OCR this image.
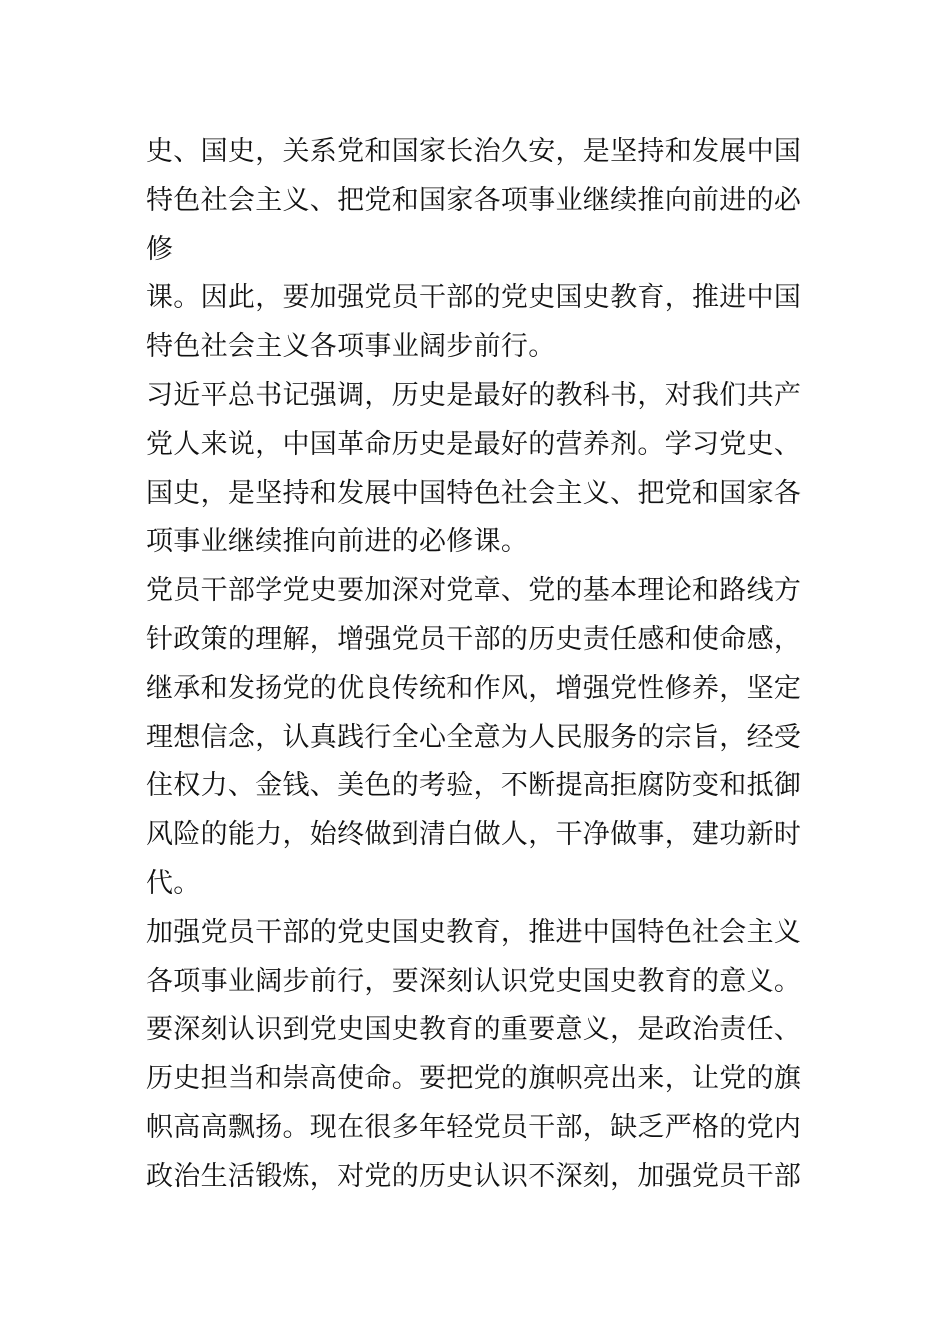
史、国史，关系党和国家长治久安，是坚持和发展中国
特色社会主义、把党和国家各项事业继续推向前进的必
修
课。因此，要加强党员干部的党史国史教育，推进中国
特色社会主义各项事业阔步前行。
习近平总书记强调，历史是最好的教科书，对我们共产
党人来说，中国革命历史是最好的营养剂。学习党史、
国史，是坚持和发展中国特色社会主义、把党和国家各
项事业继续推向前进的必修课。
党员干部学党史要加深对党章、党的基本理论和路线方
针政策的理解，增强党员干部的历史责任感和使命感，
继承和发扬党的优良传统和作风，增强党性修养，坚定
理想信念，认真践行全心全意为人民服务的宗旨，经受
住权力、金钱、美色的考验，不断提高拒腐防变和抵御
风险的能力，始终做到清白做人，干净做事，建功新时
代。
加强党员干部的党史国史教育，推进中国特色社会主义
各项事业阔步前行，要深刻认识党史国史教育的意义。
要深刻认识到党史国史教育的重要意义，是政治责任、
历史担当和崇高使命。要把党的旗帜亮出来，让党的旗
帜高高飘扬。现在很多年轻党员干部，缺乏严格的党内
政治生活锻炼，对党的历史认识不深刻，加强党员干部
